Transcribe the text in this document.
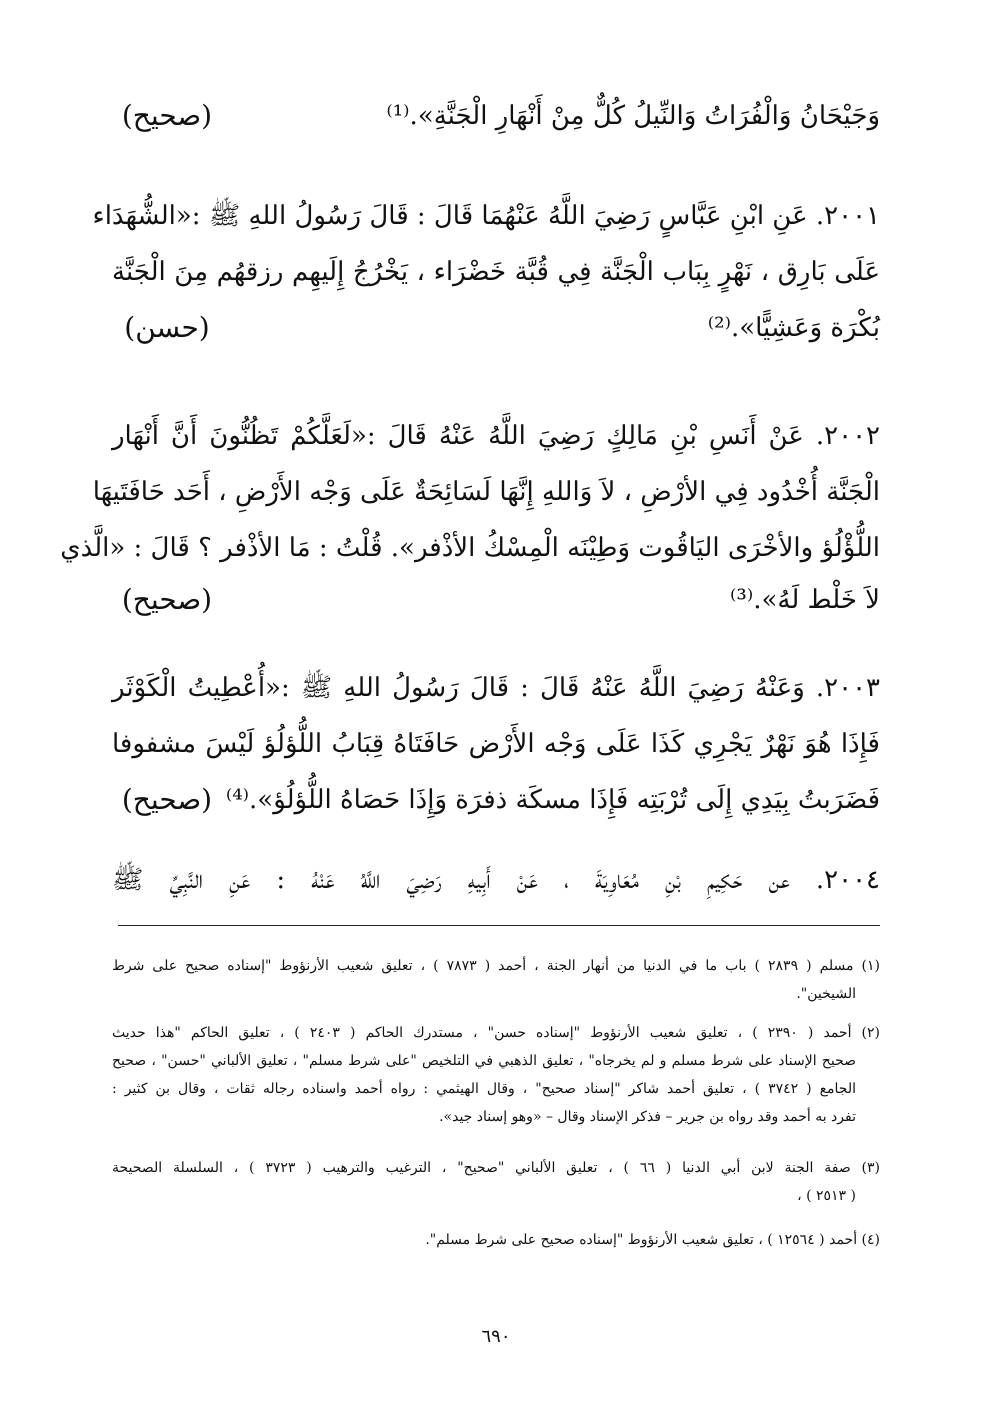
وَجَيْحَانُ وَالْفُرَاتُ وَالنِّيلُ كُلٌّ مِنْ أَنْهَارِ الْجَنَّةِ».⁽¹⁾
(صحيح)
٢٠٠١. عَنِ ابْنِ عَبَّاسٍ رَضِيَ اللَّهُ عَنْهُمَا قَالَ : قَالَ رَسُولُ اللهِ ﷺ :«الشُّهَدَاء
عَلَى بَارِق ، نَهْرٍ بِبَاب الْجَنَّة فِي قُبَّة خَضْرَاء ، يَخْرُجُ إِلَيهِم رزقهُم مِنَ الْجَنَّة
بُكْرَة وَعَشِيًّا».⁽²⁾
(حسن)
٢٠٠٢. عَنْ أَنَسِ بْنِ مَالِكٍ رَضِيَ اللَّهُ عَنْهُ قَالَ :«لَعَلَّكُمْ تَظُنُّونَ أَنَّ أَنْهَار
الْجَنَّة أُخْدُود فِي الأرْضِ ، لاَ وَاللهِ إِنَّهَا لَسَائِحَةٌ عَلَى وَجْه الأَرْضِ ، أَحَد حَافَتَيهَا
اللُّؤْلُؤ والأخْرَى اليَاقُوت وَطِيْنَه الْمِسْكُ الأذْفر». قُلْتُ : مَا الأذْفر ؟ قَالَ : «الَّذي
لاَ خَلْط لَهُ».⁽³⁾
(صحيح)
٢٠٠٣. وَعَنْهُ رَضِيَ اللَّهُ عَنْهُ قَالَ : قَالَ رَسُولُ اللهِ ﷺ :«أُعْطِيتُ الْكَوْثَر
فَإِذَا هُوَ نَهْرٌ يَجْرِي كَذَا عَلَى وَجْه الأَرْض حَافَتَاهُ قِبَابُ اللُّؤلُؤ لَيْسَ مشفوفا
فَضَرَبتُ بِيَدِي إِلَى تُرْبَتِه فَإِذَا مسكَة ذفرَة وَإِذَا حَصَاهُ اللُّؤلُؤ».⁽⁴⁾
(صحيح)
٢٠٠٤. عن حَكِيمِ بْنِ مُعَاوِيَةَ ، عَنْ أَبِيهِ رَضِيَ اللَّهُ عَنْهُ : عَنِ النَّبِيِّ ﷺ
(١) مسلم ( ٢٨٣٩ ) باب ما في الدنيا من أنهار الجنة ، أحمد ( ٧٨٧٣ ) ، تعليق شعيب الأرنؤوط "إسناده صحيح على شرط
الشيخين".
(٢) أحمد ( ٢٣٩٠ ) ، تعليق شعيب الأرنؤوط "إسناده حسن" ، مستدرك الحاكم ( ٢٤٠٣ ) ، تعليق الحاكم "هذا حديث
صحيح الإسناد على شرط مسلم و لم يخرجاه" ، تعليق الذهبي في التلخيص "على شرط مسلم" ، تعليق الألباني "حسن" ، صحيح
الجامع ( ٣٧٤٢ ) ، تعليق أحمد شاكر "إسناد صحيح" ، وقال الهيثمي : رواه أحمد واسناده رجاله ثقات ، وقال بن كثير :
تفرد به أحمد وقد رواه بن جرير – فذكر الإسناد وقال – «وهو إسناد جيد».
(٣) صفة الجنة لابن أبي الدنيا ( ٦٦ ) ، تعليق الألباني "صحيح" ، الترغيب والترهيب ( ٣٧٢٣ ) ، السلسلة الصحيحة
( ٢٥١٣ ) ،
(٤) أحمد ( ١٢٥٦٤ ) ، تعليق شعيب الأرنؤوط "إسناده صحيح على شرط مسلم".
٦٩٠
